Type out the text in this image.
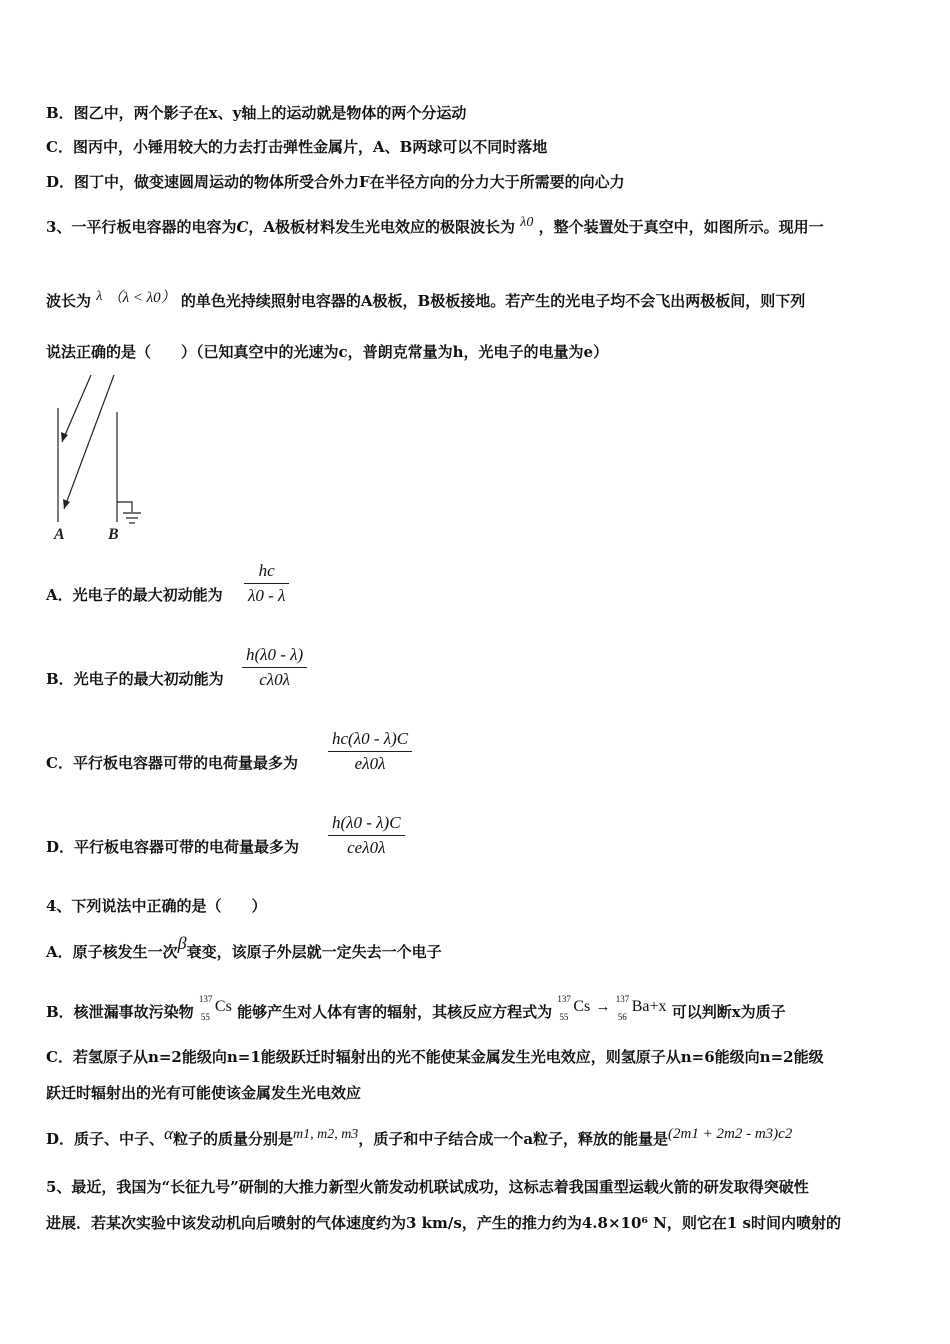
B．图乙中，两个影子在x、y轴上的运动就是物体的两个分运动
C．图丙中，小锤用较大的力去打击弹性金属片，A、B两球可以不同时落地
D．图丁中，做变速圆周运动的物体所受合外力F在半径方向的分力大于所需要的向心力
3、一平行板电容器的电容为C，A极板材料发生光电效应的极限波长为 λ0 ，整个装置处于真空中，如图所示。现用一
波长为 λ （λ < λ0） 的单色光持续照射电容器的A极板，B极板接地。若产生的光电子均不会飞出两极板间，则下列
说法正确的是（　　）（已知真空中的光速为c，普朗克常量为h，光电子的电量为e）
A	B
A．光电子的最大初动能为
hc
λ0 - λ
B．光电子的最大初动能为
h(λ0 - λ)
cλ0λ
C．平行板电容器可带的电荷量最多为
hc(λ0 - λ)C
eλ0λ
D．平行板电容器可带的电荷量最多为
h(λ0 - λ)C
ceλ0λ
4、下列说法中正确的是（　　）
A．原子核发生一次β衰变，该原子外层就一定失去一个电子
B．核泄漏事故污染物
137
55
Cs 能够产生对人体有害的辐射，其核反应方程式为
137
55
Cs → 137
56
Ba+x 可以判断x为质子
C．若氢原子从n=2能级向n=1能级跃迁时辐射出的光不能使某金属发生光电效应，则氢原子从n=6能级向n=2能级
跃迁时辐射出的光有可能使该金属发生光电效应
D．质子、中子、α粒子的质量分别是m1, m2, m3，质子和中子结合成一个a粒子，释放的能量是(2m1 + 2m2 - m3)c2
5、最近，我国为“长征九号”研制的大推力新型火箭发动机联试成功，这标志着我国重型运载火箭的研发取得突破性
进展．若某次实验中该发动机向后喷射的气体速度约为3 km/s，产生的推力约为4.8×10⁶ N，则它在1 s时间内喷射的
